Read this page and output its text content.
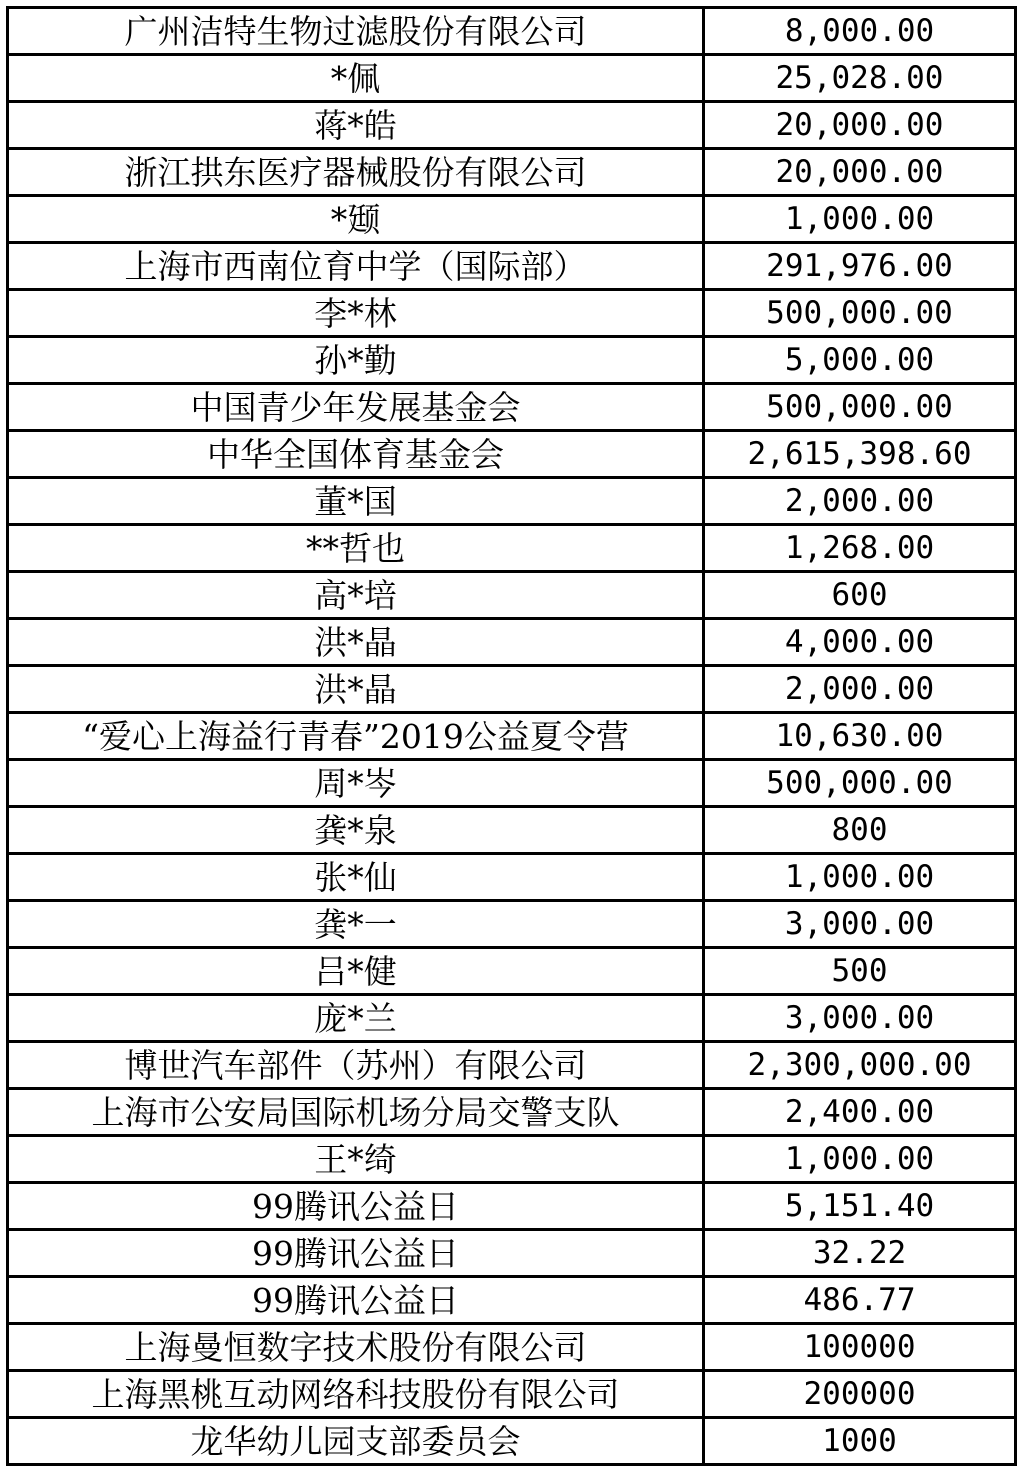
广州洁特生物过滤股份有限公司	8,000.00
*佩	25,028.00
蒋*皓	20,000.00
浙江拱东医疗器械股份有限公司	20,000.00
*颋	1,000.00
上海市西南位育中学（国际部）	291,976.00
李*林	500,000.00
孙*勤	5,000.00
中国青少年发展基金会	500,000.00
中华全国体育基金会	2,615,398.60
董*国	2,000.00
**哲也	1,268.00
高*培	600
洪*晶	4,000.00
洪*晶	2,000.00
“爱心上海益行青春”2019公益夏令营	10,630.00
周*岑	500,000.00
龚*泉	800
张*仙	1,000.00
龚*一	3,000.00
吕*健	500
庞*兰	3,000.00
博世汽车部件（苏州）有限公司	2,300,000.00
上海市公安局国际机场分局交警支队	2,400.00
王*绮	1,000.00
99腾讯公益日	5,151.40
99腾讯公益日	32.22
99腾讯公益日	486.77
上海曼恒数字技术股份有限公司	100000
上海黑桃互动网络科技股份有限公司	200000
龙华幼儿园支部委员会	1000
